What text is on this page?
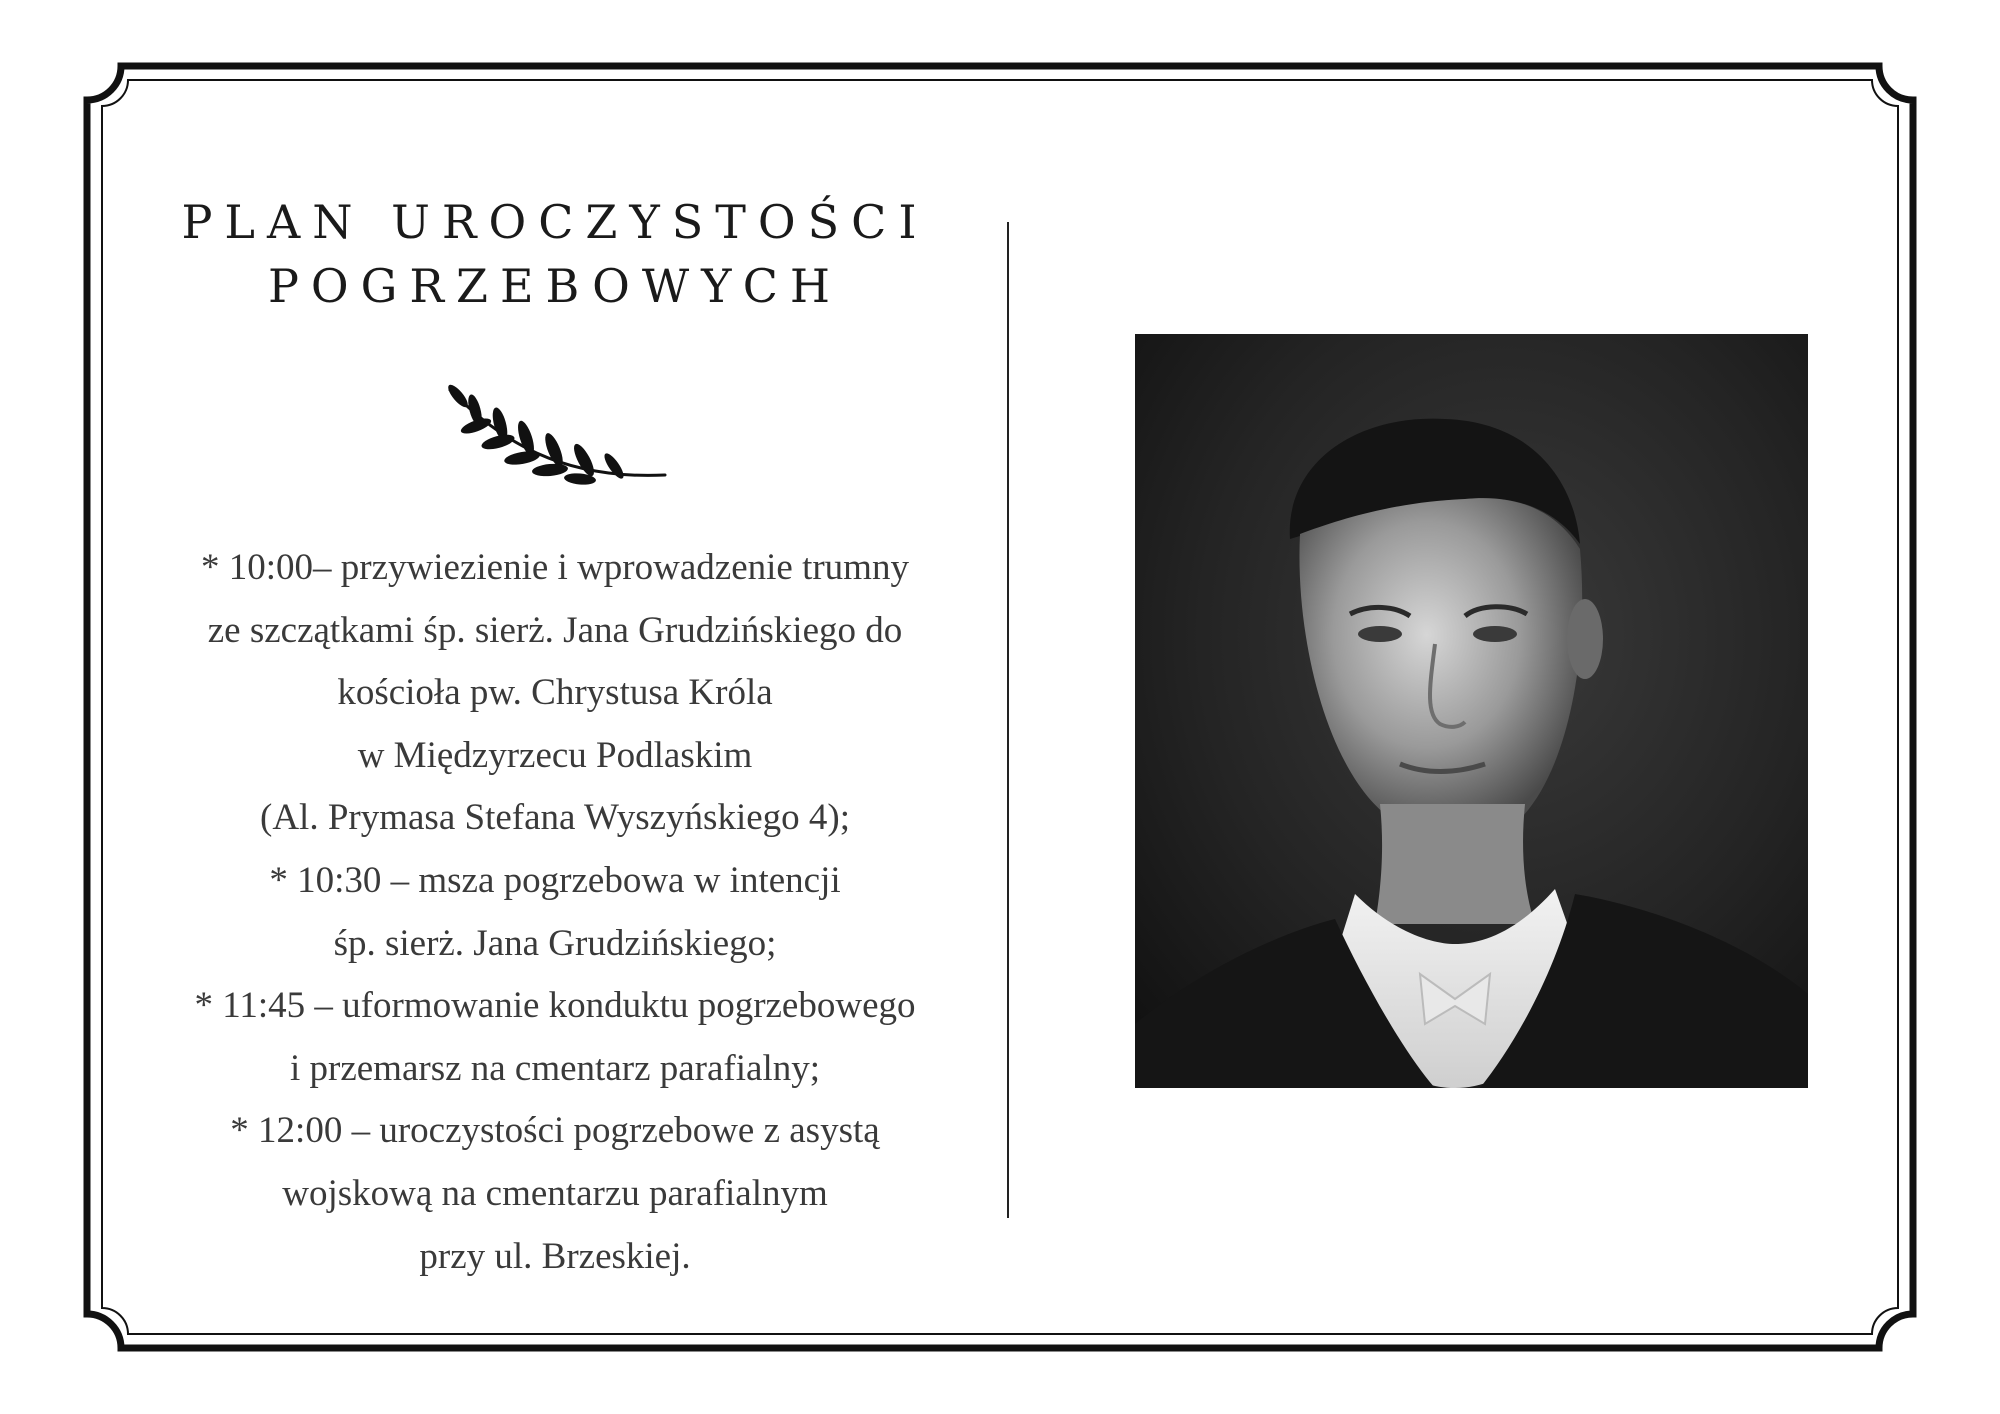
PLAN UROCZYSTOŚCI
POGRZEBOWYCH
* 10:00– przywiezienie i wprowadzenie trumny
ze szczątkami śp. sierż. Jana Grudzińskiego do
kościoła pw. Chrystusa Króla
w Międzyrzecu Podlaskim
(Al. Prymasa Stefana Wyszyńskiego 4);
* 10:30 – msza pogrzebowa w intencji
śp. sierż. Jana Grudzińskiego;
* 11:45 – uformowanie konduktu pogrzebowego
i przemarsz na cmentarz parafialny;
* 12:00 – uroczystości pogrzebowe z asystą
wojskową na cmentarzu parafialnym
przy ul. Brzeskiej.
